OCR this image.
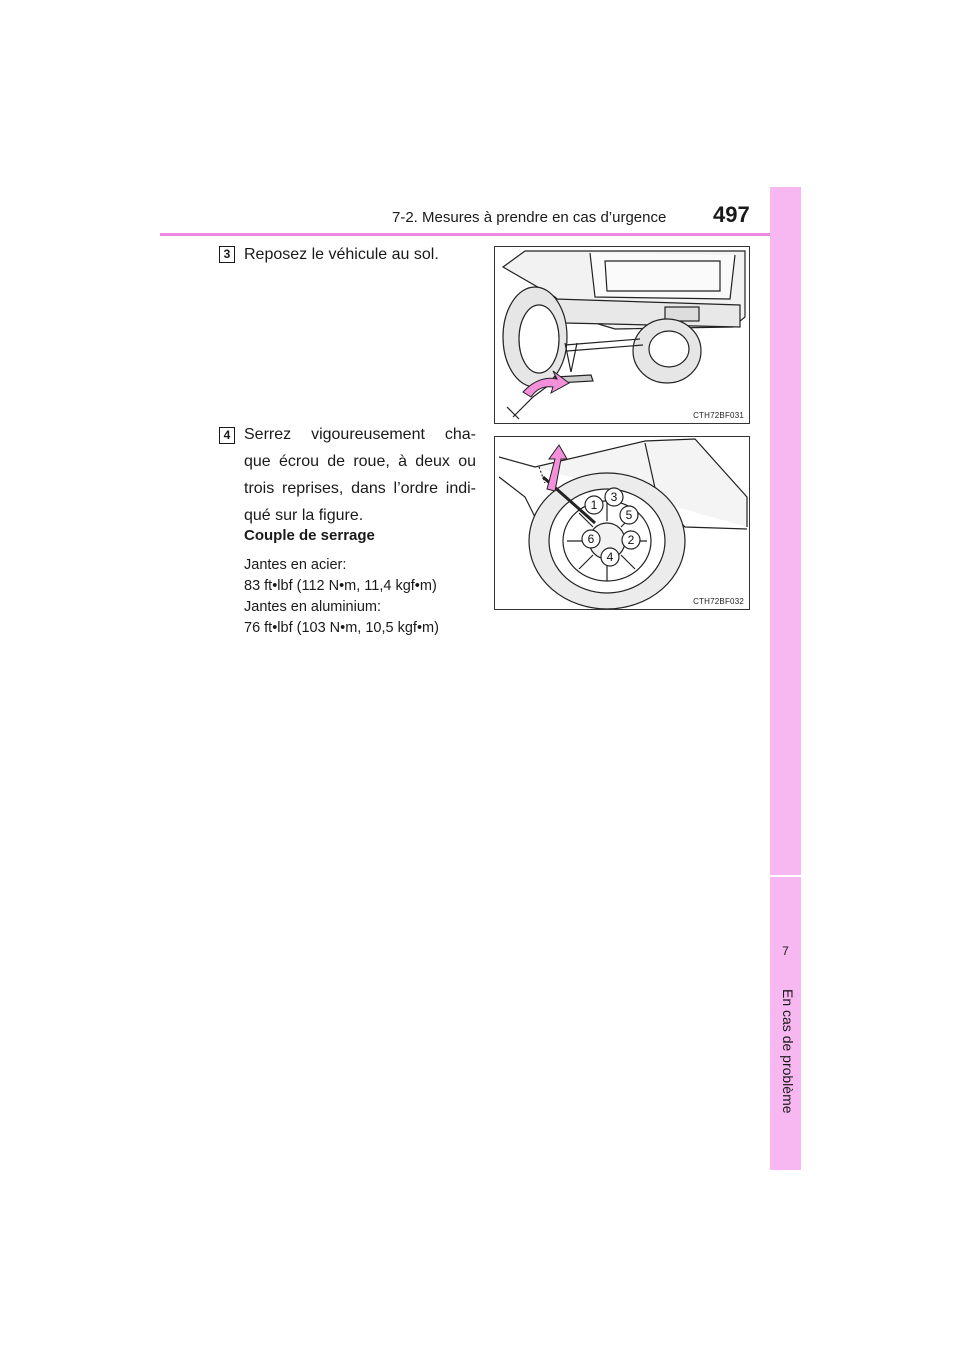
7-2. Mesures à prendre en cas d’urgence 497
7
En cas de problème
3 Reposez le véhicule au sol.
CTH72BF031
4 Serrez vigoureusement cha-
que écrou de roue, à deux ou
trois reprises, dans l’ordre indi-
qué sur la figure.
1
2
3
4
5
6
CTH72BF032
Couple de serrage
Jantes en acier:
83 ft•lbf (112 N•m, 11,4 kgf•m)
Jantes en aluminium:
76 ft•lbf (103 N•m, 10,5 kgf•m)
